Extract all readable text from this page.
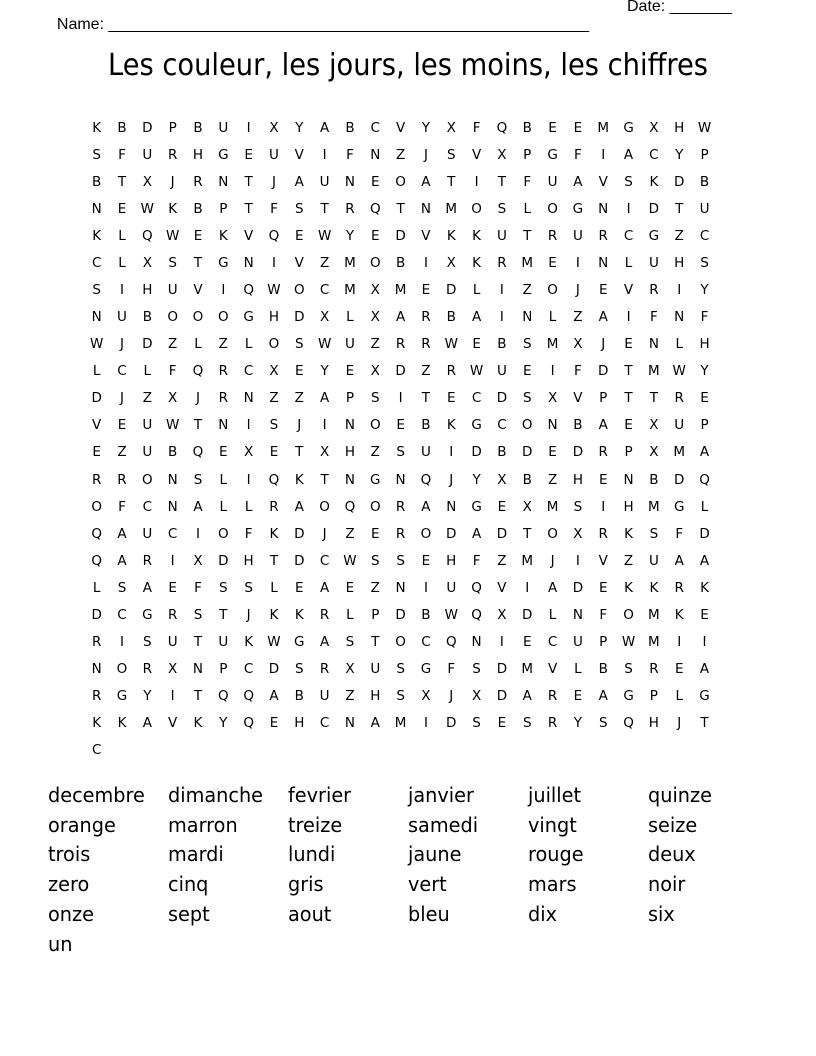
Name: ______________________________________________________

Date: _______

Les couleur, les jours, les moins, les chiffres
K	B	D	P	B	U	I	X	Y	A	B	C	V	Y	X	F	Q	B	E	E	M	G	X	H	W
S	F	U	R	H	G	E	U	V	I	F	N	Z	J	S	V	X	P	G	F	I	A	C	Y	P
B	T	X	J	R	N	T	J	A	U	N	E	O	A	T	I	T	F	U	A	V	S	K	D	B
N	E	W	K	B	P	T	F	S	T	R	Q	T	N	M	O	S	L	O	G	N	I	D	T	U
K	L	Q W	E	K	V	Q	E	W	Y	E	D	V	K	K	U	T	R	U	R	C	G	Z	C
C	L	X	S	T	G	N	I	V	Z	M	O	B	I	X	K	R	M	E	I	N	L	U	H	S
S	I	H	U	V	I	Q W O	C	M	X	M	E	D	L	I	Z	O	J	E	V	R	I	Y
N	U	B	O	O	O	G	H	D	X	L	X	A	R	B	A	I	N	L	Z	A	I	F	N	F
W	J	D	Z	L	Z	L	O	S	W	U	Z	R	R	W	E	B	S	M	X	J	E	N	L	H
L	C	L	F	Q	R	C	X	E	Y	E	X	D	Z	R	W	U	E	I	F	D	T	M W	Y
D	J	Z	X	J	R	N	Z	Z	A	P	S	I	T	E	C	D	S	X	V	P	T	T	R	E
V	E	U	W	T	N	I	S	J	I	N	O	E	B	K	G	C	O	N	B	A	E	X	U	P
E	Z	U	B	Q	E	X	E	T	X	H	Z	S	U	I	D	B	D	E	D	R	P	X	M	A
R	R	O	N	S	L	I	Q	K	T	N	G	N	Q	J	Y	X	B	Z	H	E	N	B	D	Q
O	F	C	N	A	L	L	R	A	O	Q	O	R	A	N	G	E	X	M	S	I	H	M	G	L
Q	A	U	C	I	O	F	K	D	J	Z	E	R	O	D	A	D	T	O	X	R	K	S	F	D
Q	A	R	I	X	D	H	T	D	C	W	S	S	E	H	F	Z	M	J	I	V	Z	U	A	A
L	S	A	E	F	S	S	L	E	A	E	Z	N	I	U	Q	V	I	A	D	E	K	K	R	K
D	C	G	R	S	T	J	K	K	R	L	P	D	B	W Q	X	D	L	N	F	O	M	K	E
R	I	S	U	T	U	K	W G	A	S	T	O	C	Q	N	I	E	C	U	P	W M	I	I
N	O	R	X	N	P	C	D	S	R	X	U	S	G	F	S	D	M	V	L	B	S	R	E	A
R	G	Y	I	T	Q	Q	A	B	U	Z	H	S	X	J	X	D	A	R	E	A	G	P	L	G
K	K	A	V	K	Y	Q	E	H	C	N	A	M	I	D	S	E	S	R	Y	S	Q	H	J	T
C
decembre	dimanche	fevrier	janvier	juillet	quinze
orange	marron	treize	samedi	vingt	seize
trois	mardi	lundi	jaune	rouge	deux
zero	cinq	gris	vert	mars	noir
onze	sept	aout	bleu	dix	six
un
